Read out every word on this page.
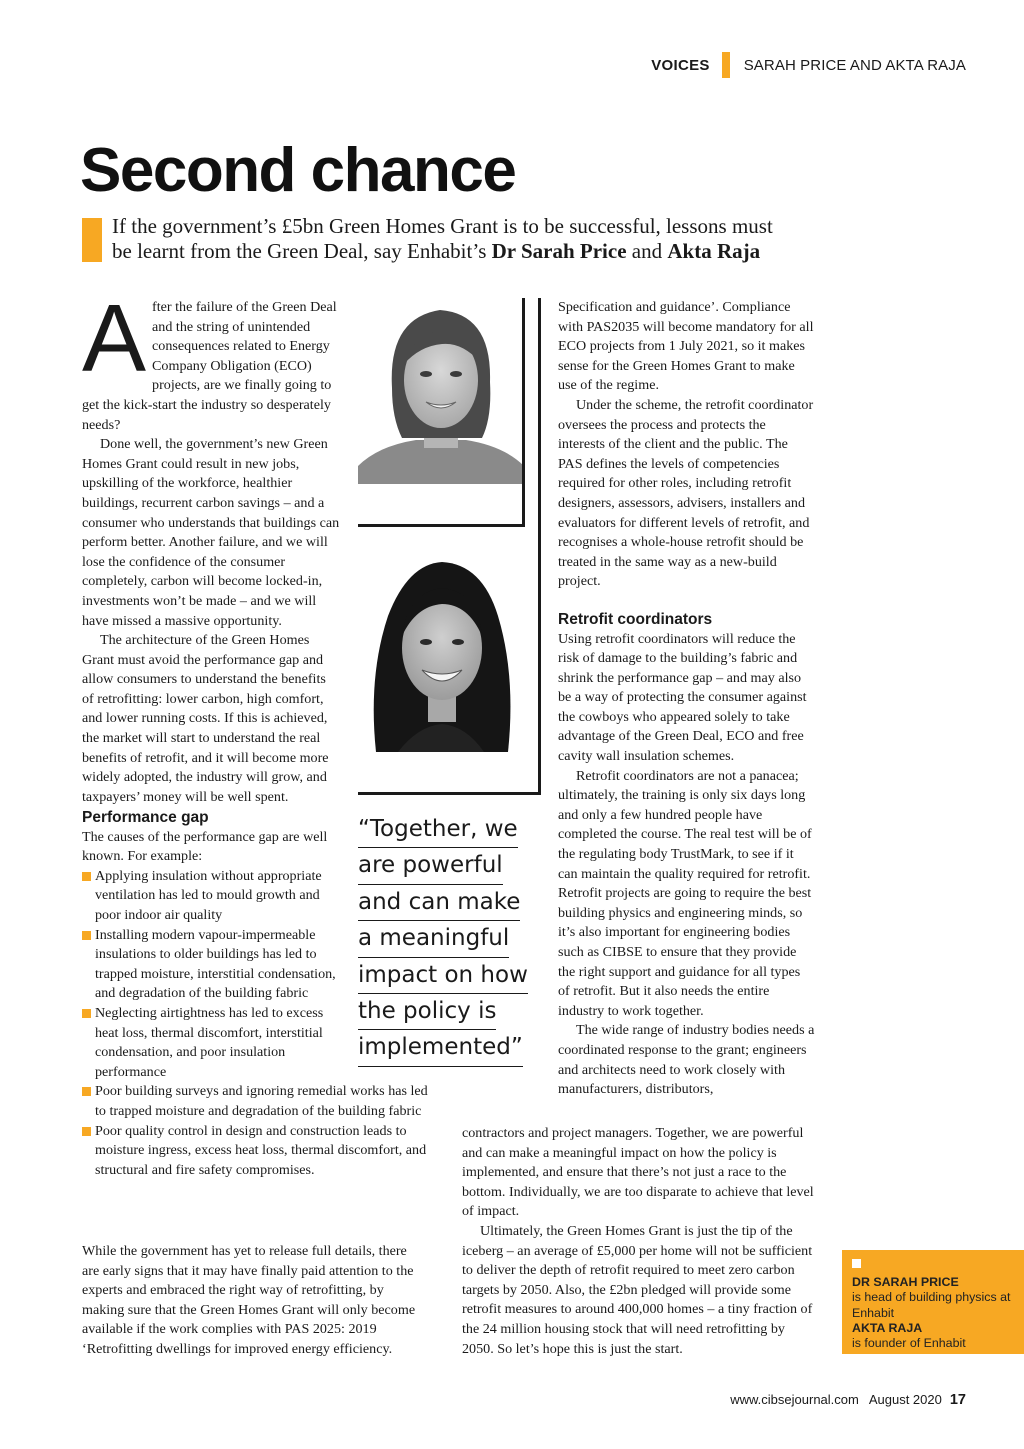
VOICES SARAH PRICE AND AKTA RAJA
Second chance
If the government’s £5bn Green Homes Grant is to be successful, lessons must
be learnt from the Green Deal, say Enhabit’s Dr Sarah Price and Akta Raja

After the failure of the Green Deal and the string of unintended consequences related to Energy Company Obligation (ECO) projects, are we finally going to get the kick-start the industry so desperately needs?

Done well, the government’s new Green Homes Grant could result in new jobs, upskilling of the workforce, healthier buildings, recurrent carbon savings – and a consumer who understands that buildings can perform better. Another failure, and we will lose the confidence of the consumer completely, carbon will become locked-in, investments won’t be made – and we will have missed a massive opportunity.

The architecture of the Green Homes Grant must avoid the performance gap and allow consumers to understand the benefits of retrofitting: lower carbon, high comfort, and lower running costs. If this is achieved, the market will start to understand the real benefits of retrofit, and it will become more widely adopted, the industry will grow, and taxpayers’ money will be well spent.

Performance gap

The causes of the performance gap are well known. For example:

Applying insulation without appropriate ventilation has led to mould growth and poor indoor air quality
Installing modern vapour-impermeable insulations to older buildings has led to trapped moisture, interstitial condensation, and degradation of the building fabric
Neglecting airtightness has led to excess heat loss, thermal discomfort, interstitial condensation, and poor insulation performance
Poor building surveys and ignoring remedial works has led to trapped moisture and degradation of the building fabric
Poor quality control in design and construction leads to moisture ingress, excess heat loss, thermal discomfort, and structural and fire safety compromises.

While the government has yet to release full details, there are early signs that it may have finally paid attention to the experts and embraced the right way of retrofitting, by making sure that the Green Homes Grant will only become available if the work complies with PAS 2025: 2019 ‘Retrofitting dwellings for improved energy efficiency.

“Together, we
are powerful
and can make
a meaningful
impact on how
the policy is
implemented”

Specification and guidance’. Compliance with PAS2035 will become mandatory for all ECO projects from 1 July 2021, so it makes sense for the Green Homes Grant to make use of the regime.

Under the scheme, the retrofit coordinator oversees the process and protects the interests of the client and the public. The PAS defines the levels of competencies required for other roles, including retrofit designers, assessors, advisers, installers and evaluators for different levels of retrofit, and recognises a whole-house retrofit should be treated in the same way as a new-build project.

Retrofit coordinators

Using retrofit coordinators will reduce the risk of damage to the building’s fabric and shrink the performance gap – and may also be a way of protecting the consumer against the cowboys who appeared solely to take advantage of the Green Deal, ECO and free cavity wall insulation schemes.

Retrofit coordinators are not a panacea; ultimately, the training is only six days long and only a few hundred people have completed the course. The real test will be of the regulating body TrustMark, to see if it can maintain the quality required for retrofit. Retrofit projects are going to require the best building physics and engineering minds, so it’s also important for engineering bodies such as CIBSE to ensure that they provide the right support and guidance for all types of retrofit. But it also needs the entire industry to work together.

The wide range of industry bodies needs a coordinated response to the grant; engineers and architects need to work closely with manufacturers, distributors,

contractors and project managers. Together, we are powerful and can make a meaningful impact on how the policy is implemented, and ensure that there’s not just a race to the bottom. Individually, we are too disparate to achieve that level of impact.

Ultimately, the Green Homes Grant is just the tip of the iceberg – an average of £5,000 per home will not be sufficient to deliver the depth of retrofit required to meet zero carbon targets by 2050. Also, the £2bn pledged will provide some retrofit measures to around 400,000 homes – a tiny fraction of the 24 million housing stock that will need retrofitting by 2050. So let’s hope this is just the start.

DR SARAH PRICE
is head of building physics at Enhabit
AKTA RAJA
is founder of Enhabit
www.cibsejournal.com August 2020 17
